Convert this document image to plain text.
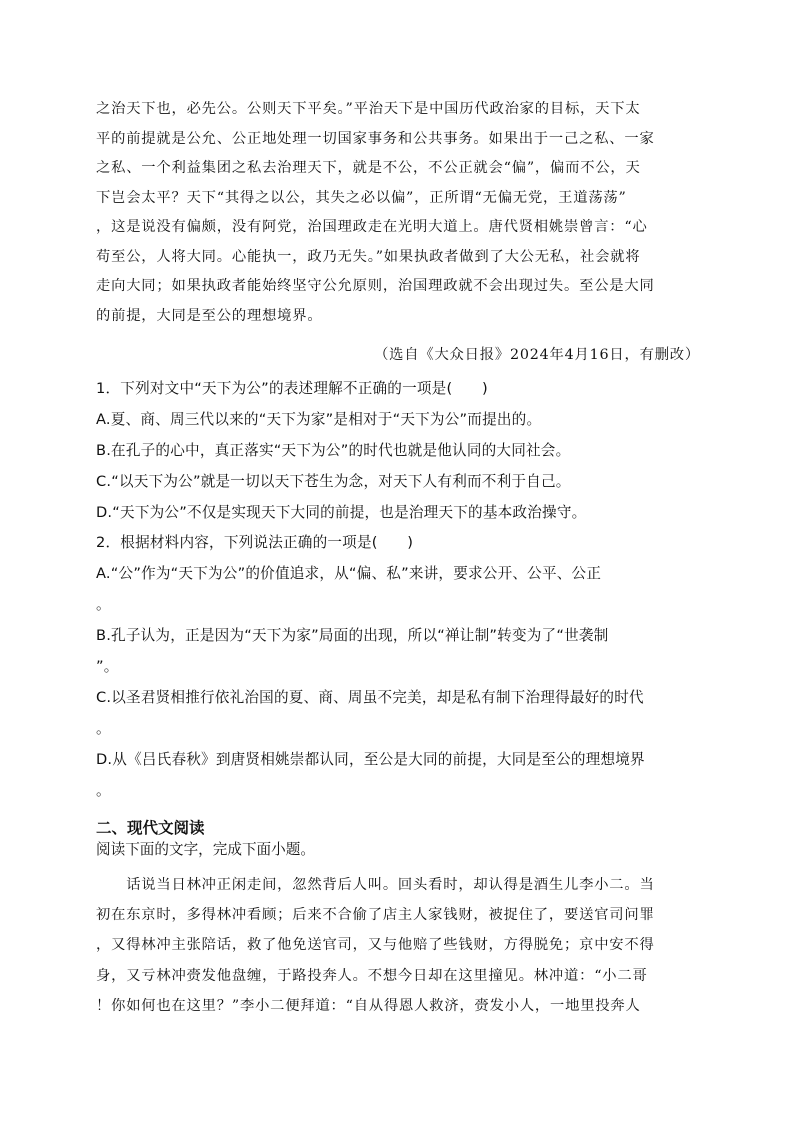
之治天下也，必先公。公则天下平矣。”平治天下是中国历代政治家的目标，天下太

平的前提就是公允、公正地处理一切国家事务和公共事务。如果出于一己之私、一家

之私、一个利益集团之私去治理天下，就是不公，不公正就会“偏”，偏而不公，天

下岂会太平？天下“其得之以公，其失之必以偏”，正所谓“无偏无党，王道荡荡”

，这是说没有偏颇，没有阿党，治国理政走在光明大道上。唐代贤相姚崇曾言：“心

苟至公，人将大同。心能执一，政乃无失。”如果执政者做到了大公无私，社会就将

走向大同；如果执政者能始终坚守公允原则，治国理政就不会出现过失。至公是大同

的前提，大同是至公的理想境界。

（选自《大众日报》2024年4月16日，有删改）

1．下列对文中“天下为公”的表述理解不正确的一项是(　　)

A.夏、商、周三代以来的“天下为家”是相对于“天下为公”而提出的。

B.在孔子的心中，真正落实“天下为公”的时代也就是他认同的大同社会。

C.“以天下为公”就是一切以天下苍生为念，对天下人有利而不利于自己。

D.“天下为公”不仅是实现天下大同的前提，也是治理天下的基本政治操守。

2．根据材料内容，下列说法正确的一项是(　　)

A.“公”作为“天下为公”的价值追求，从“偏、私”来讲，要求公开、公平、公正

。

B.孔子认为，正是因为“天下为家”局面的出现，所以“禅让制”转变为了“世袭制

”。

C.以圣君贤相推行依礼治国的夏、商、周虽不完美，却是私有制下治理得最好的时代

。

D.从《吕氏春秋》到唐贤相姚崇都认同，至公是大同的前提，大同是至公的理想境界

。

二、现代文阅读
阅读下面的文字，完成下面小题。

　　话说当日林冲正闲走间，忽然背后人叫。回头看时，却认得是酒生儿李小二。当

初在东京时，多得林冲看顾；后来不合偷了店主人家钱财，被捉住了，要送官司问罪

，又得林冲主张陪话，救了他免送官司，又与他赔了些钱财，方得脱免；京中安不得

身，又亏林冲赍发他盘缠，于路投奔人。不想今日却在这里撞见。林冲道：“小二哥

！你如何也在这里？”李小二便拜道：“自从得恩人救济，赍发小人，一地里投奔人
